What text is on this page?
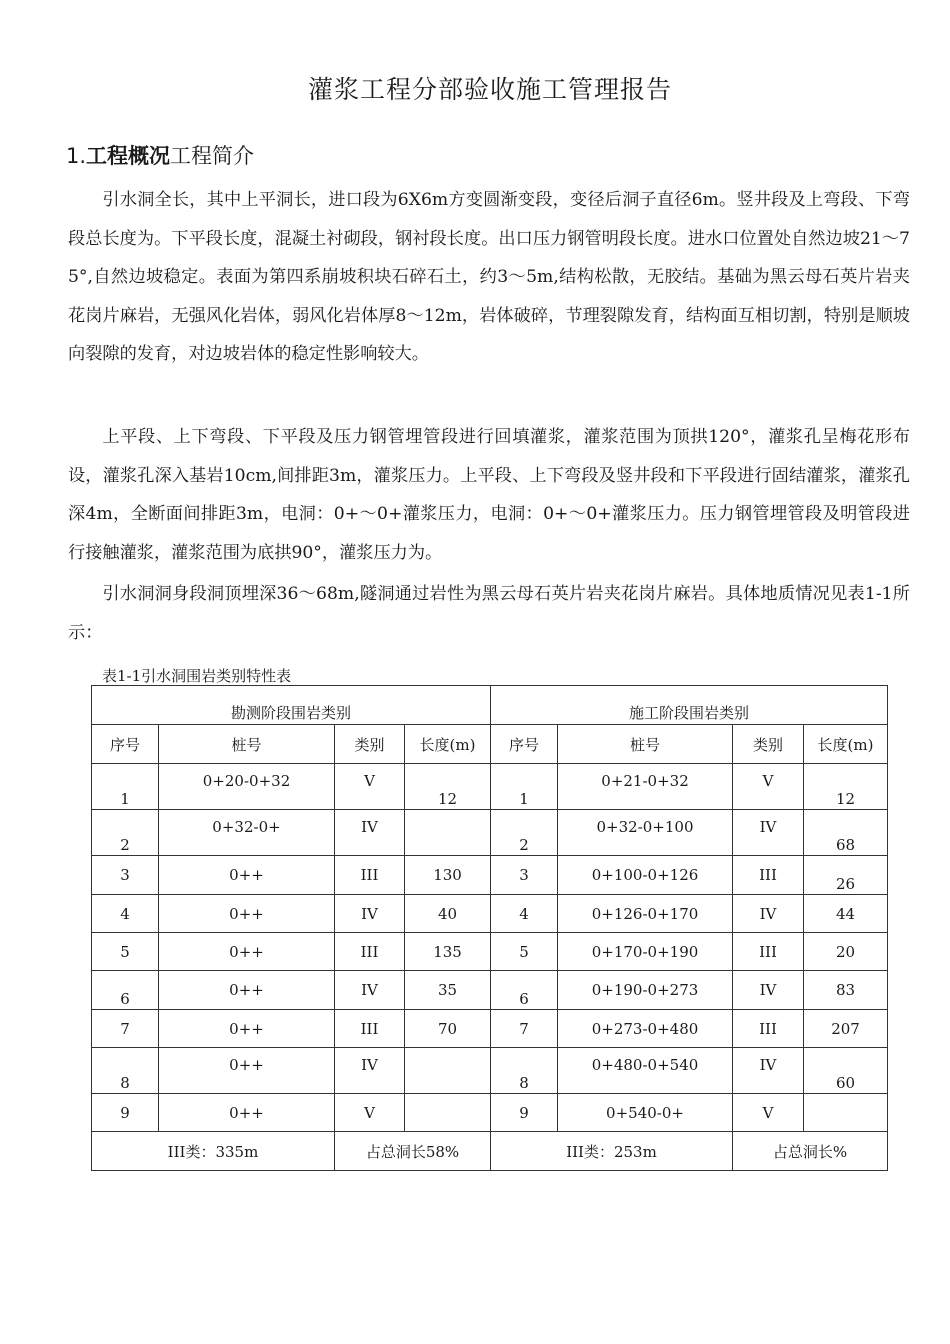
灌浆工程分部验收施工管理报告
1.工程概况工程简介

引水洞全长，其中上平洞长，进口段为6X6m方变圆渐变段，变径后洞子直径6m。竖井段及上弯段、下弯段总长度为。下平段长度，混凝土衬砌段，钢衬段长度。出口压力钢管明段长度。进水口位置处自然边坡21〜75°,自然边坡稳定。表面为第四系崩坡积块石碎石土，约3〜5m,结构松散，无胶结。基础为黑云母石英片岩夹花岗片麻岩，无强风化岩体，弱风化岩体厚8〜12m，岩体破碎，节理裂隙发育，结构面互相切割，特别是顺坡向裂隙的发育，对边坡岩体的稳定性影响较大。

上平段、上下弯段、下平段及压力钢管埋管段进行回填灌浆，灌浆范围为顶拱120°，灌浆孔呈梅花形布设，灌浆孔深入基岩10cm,间排距3m，灌浆压力。上平段、上下弯段及竖井段和下平段进行固结灌浆，灌浆孔深4m，全断面间排距3m，电洞：0+〜0+灌浆压力，电洞：0+〜0+灌浆压力。压力钢管埋管段及明管段进行接触灌浆，灌浆范围为底拱90°，灌浆压力为。

引水洞洞身段洞顶埋深36〜68m,隧洞通过岩性为黑云母石英片岩夹花岗片麻岩。具体地质情况见表1-1所示：

表1-1引水洞围岩类别特性表
勘测阶段围岩类别				施工阶段围岩类别			
序号	桩号	类别	长度(m)	序号	桩号	类别	长度(m)
1	0+20-0+32	V	12	1	0+21-0+32	V	12
2	0+32-0+	IV		2	0+32-0+100	IV	68
3	0++	III	130	3	0+100-0+126	III	26
4	0++	IV	40	4	0+126-0+170	IV	44
5	0++	III	135	5	0+170-0+190	III	20
6	0++	IV	35	6	0+190-0+273	IV	83
7	0++	III	70	7	0+273-0+480	III	207
8	0++	IV		8	0+480-0+540	IV	60
9	0++	V		9	0+540-0+	V	
III类：335m		占总洞长58%		III类：253m		占总洞长%	
